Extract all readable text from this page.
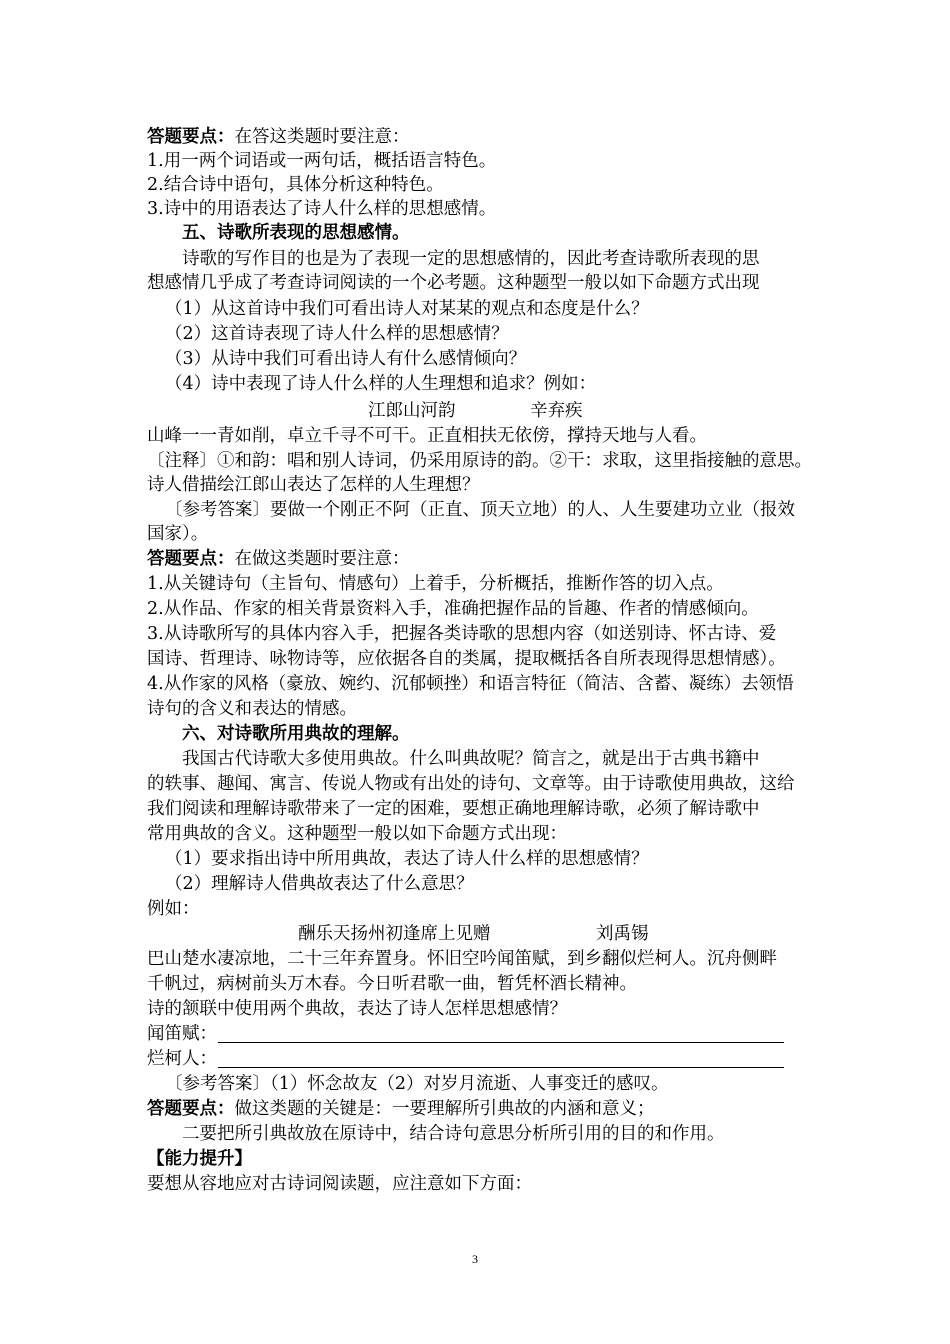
答题要点：在答这类题时要注意：
1.用一两个词语或一两句话，概括语言特色。
2.结合诗中语句，具体分析这种特色。
3.诗中的用语表达了诗人什么样的思想感情。
五、诗歌所表现的思想感情。
诗歌的写作目的也是为了表现一定的思想感情的，因此考查诗歌所表现的思
想感情几乎成了考查诗词阅读的一个必考题。这种题型一般以如下命题方式出现
（1）从这首诗中我们可看出诗人对某某的观点和态度是什么？
（2）这首诗表现了诗人什么样的思想感情？
（3）从诗中我们可看出诗人有什么感情倾向？
（4）诗中表现了诗人什么样的人生理想和追求？例如：
江郎山河韵	辛弃疾
山峰一一青如削，卓立千寻不可干。正直相扶无依傍，撑持天地与人看。
〔注释〕①和韵：唱和别人诗词，仍采用原诗的韵。②干：求取，这里指接触的意思。
诗人借描绘江郎山表达了怎样的人生理想？
〔参考答案〕要做一个刚正不阿（正直、顶天立地）的人、人生要建功立业（报效
国家）。
答题要点：在做这类题时要注意：
1.从关键诗句（主旨句、情感句）上着手，分析概括，推断作答的切入点。
2.从作品、作家的相关背景资料入手，准确把握作品的旨趣、作者的情感倾向。
3.从诗歌所写的具体内容入手，把握各类诗歌的思想内容（如送别诗、怀古诗、爱
国诗、哲理诗、咏物诗等，应依据各自的类属，提取概括各自所表现得思想情感）。
4.从作家的风格（豪放、婉约、沉郁顿挫）和语言特征（简洁、含蓄、凝练）去领悟
诗句的含义和表达的情感。
六、对诗歌所用典故的理解。
我国古代诗歌大多使用典故。什么叫典故呢？简言之，就是出于古典书籍中
的轶事、趣闻、寓言、传说人物或有出处的诗句、文章等。由于诗歌使用典故，这给
我们阅读和理解诗歌带来了一定的困难，要想正确地理解诗歌，必须了解诗歌中
常用典故的含义。这种题型一般以如下命题方式出现：
（1）要求指出诗中所用典故，表达了诗人什么样的思想感情？
（2）理解诗人借典故表达了什么意思？
例如：
酬乐天扬州初逢席上见赠	刘禹锡
巴山楚水凄凉地，二十三年弃置身。怀旧空吟闻笛赋，到乡翻似烂柯人。沉舟侧畔
千帆过，病树前头万木春。今日听君歌一曲，暂凭杯酒长精神。
诗的颔联中使用两个典故，表达了诗人怎样思想感情？
闻笛赋：
烂柯人：
〔参考答案〕（1）怀念故友（2）对岁月流逝、人事变迁的感叹。
答题要点：做这类题的关键是：一要理解所引典故的内涵和意义；
二要把所引典故放在原诗中，结合诗句意思分析所引用的目的和作用。
【能力提升】
要想从容地应对古诗词阅读题，应注意如下方面：
3
